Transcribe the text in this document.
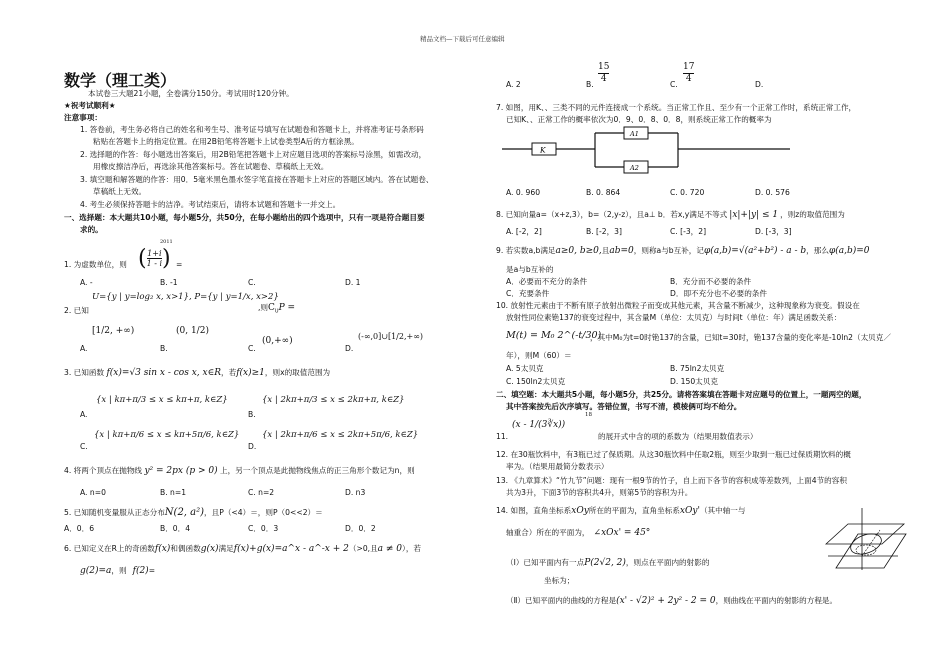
精品文档—下载后可任意编辑
数学（理工类）
本试卷三大题21小题，全卷满分150分。考试用时120分钟。
★祝考试顺利★
注意事项：
1. 答卷前，考生务必将自己的姓名和考生号、准考证号填写在试题卷和答题卡上，并将准考证号条形码
粘贴在答题卡上的指定位置。在用2B铅笔将答题卡上试卷类型A后的方框涂黑。
2. 选择题的作答：每小题选出答案后，用2B铅笔把答题卡上对应题目选项的答案标号涂黑，如需改动，
用橡皮擦洁净后，再选涂其他答案标号。答在试题卷、草稿纸上无效。
3. 填空题和解答题的作答：用0．5毫米黑色墨水签字笔直接在答题卡上对应的答题区域内。答在试题卷、
草稿纸上无效。
4. 考生必须保持答题卡的洁净。考试结束后，请将本试题和答题卡一并交上。
一、选择题：本大题共10小题，每小题5分，共50分，在每小题给出的四个选项中，只有一项是符合题目要
求的。
1. 为虚数单位，则 ( $\frac{1+i}{1 - i}$ )
2011
=
A. -	B. -1	C.	D. 1
U={y | y=log₂ x, x>1}, P={y | y=1/x, x>2}
2. 已知	,则$C_UP$ =
A.
[1/2, +∞)
B.
(0, 1/2)
C.
(0,+∞)
D.
(-∞,0]∪[1/2,+∞)
3. 已知函数 f(x)=√3 sin x - cos x, x∈R，若f(x)≥1，则x的取值范围为
A.
{x | kπ+π/3 ≤ x ≤ kπ+π, k∈Z}
B.
{x | 2kπ+π/3 ≤ x ≤ 2kπ+π, k∈Z}
C.
{x | kπ+π/6 ≤ x ≤ kπ+5π/6, k∈Z}
D.
{x | 2kπ+π/6 ≤ x ≤ 2kπ+5π/6, k∈Z}
4. 将两个顶点在抛物线 y² = 2px (p > 0) 上，另一个顶点是此抛物线焦点的正三角形个数记为n，则
A. n=0	B. n=1	C. n=2	D. n3
5. 已知随机变量服从正态分布N(2, a²)，且P（<4）＝，则P（0<<2）＝
A．0．6	B．0．4	C．0．3	D．0．2
6. 已知定义在R上的奇函数f(x)和偶函数g(x)满足f(x)+g(x)=a^x - a^-x + 2（>0,且a ≠ 0），若
g(2)=a，则 f(2)=
A. 2	B.
15
4
C.
17
4
D.
7. 如图，用K、、三类不同的元件连接成一个系统。当正常工作且、至少有一个正常工作时，系统正常工作，
已知K、、正常工作的概率依次为0．9、0．8、0．8，则系统正常工作的概率为
K
A1
A2
A. 0. 960	B. 0. 864	C. 0. 720	D. 0. 576
8. 已知向量a=（x+z,3），b=（2,y-z），且a⊥ b．若x,y满足不等式 |x|+|y| ≤ 1 ，则z的取值范围为
A. [-2，2]	B. [-2，3]	C. [-3，2]	D. [-3，3]
9. 若实数a,b满足a≥0, b≥0,且ab=0，则称a与b互补，记φ(a,b)=√(a²+b²) - a - b，那么φ(a,b)=0
是a与b互补的
A．必要而不充分的条件	B．充分而不必要的条件
C．充要条件	D．即不充分也不必要的条件
10. 放射性元素由于不断有原子放射出微粒子而变成其他元素，其含量不断减少，这种现象称为衰变。假设在
放射性同位素铯137的衰变过程中，其含量M（单位：太贝克）与时间t（单位：年）满足函数关系：
M(t) = M₀ 2^(-t/30)
，其中M₀为t=0时铯137的含量，已知t=30时，铯137含量的变化率是-10ln2（太贝克／
年），则M（60）＝
A. 5太贝克	B. 75ln2太贝克
C. 150ln2太贝克	D. 150太贝克
二、填空题：本大题共5小题，每小题5分，共25分。请将答案填在答题卡对应题号的位置上，一题两空的题，
其中答案按先后次序填写。答错位置，书写不清，模棱俩可均不给分。
11.
(x - 1/(3∛x))
18
的展开式中含的项的系数为（结果用数值表示）
12. 在30瓶饮料中，有3瓶已过了保质期。从这30瓶饮料中任取2瓶，则至少取到一瓶已过保质期饮料的概
率为。（结果用最简分数表示）
13. 《九章算术》“竹九节”问题：现有一根9节的竹子，自上而下各节的容积成等差数列，上面4节的容积
共为3升，下面3节的容积共4升，则第5节的容积为升。
14. 如图，直角坐标系xOy所在的平面为，直角坐标系xOy'（其中轴一与
轴重合）所在的平面为， ∠xOx' = 45°
（Ⅰ）已知平面内有一点P(2√2, 2)，则点在平面内的射影的
坐标为；
（Ⅱ）已知平面内的曲线的方程是(x' - √2)² + 2y² - 2 = 0，则曲线在平面内的射影的方程是。
